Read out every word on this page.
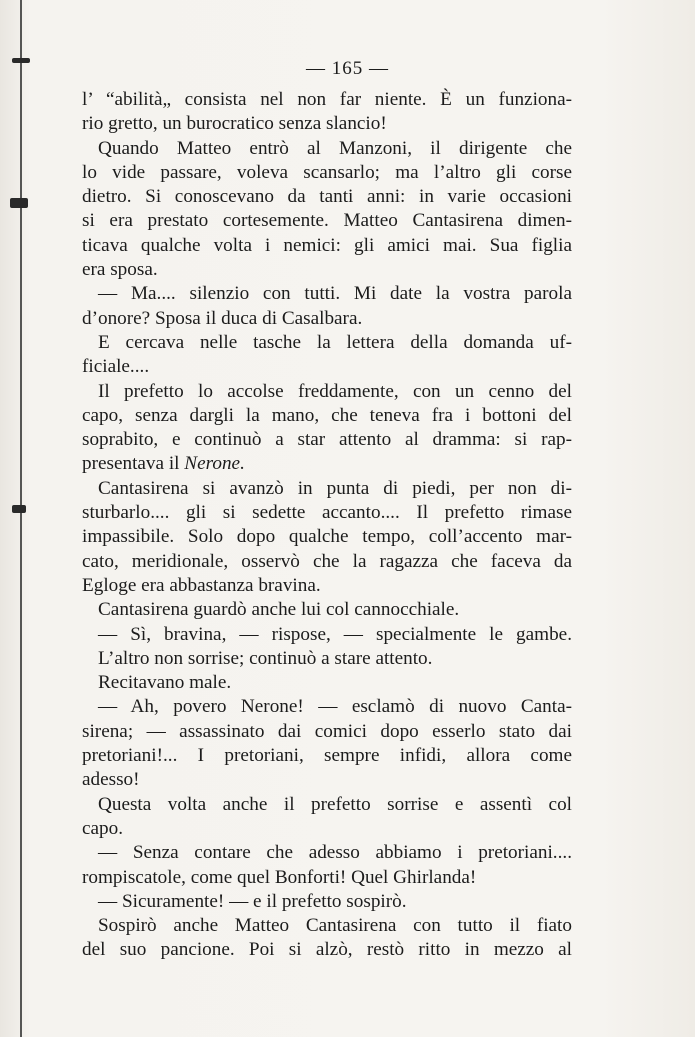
— 165 —
l’ “abilità„ consista nel non far niente. È un funziona-
rio gretto, un burocratico senza slancio!
Quando Matteo entrò al Manzoni, il dirigente che
lo vide passare, voleva scansarlo; ma l’altro gli corse
dietro. Si conoscevano da tanti anni: in varie occasioni
si era prestato cortesemente. Matteo Cantasirena dimen-
ticava qualche volta i nemici: gli amici mai. Sua figlia
era sposa.
— Ma.... silenzio con tutti. Mi date la vostra parola
d’onore? Sposa il duca di Casalbara.
E cercava nelle tasche la lettera della domanda uf-
ficiale....
Il prefetto lo accolse freddamente, con un cenno del
capo, senza dargli la mano, che teneva fra i bottoni del
soprabito, e continuò a star attento al dramma: si rap-
presentava il Nerone.
Cantasirena si avanzò in punta di piedi, per non di-
sturbarlo.... gli si sedette accanto.... Il prefetto rimase
impassibile. Solo dopo qualche tempo, coll’accento mar-
cato, meridionale, osservò che la ragazza che faceva da
Egloge era abbastanza bravina.
Cantasirena guardò anche lui col cannocchiale.
— Sì, bravina, — rispose, — specialmente le gambe.
L’altro non sorrise; continuò a stare attento.
Recitavano male.
— Ah, povero Nerone! — esclamò di nuovo Canta-
sirena; — assassinato dai comici dopo esserlo stato dai
pretoriani!... I pretoriani, sempre infidi, allora come
adesso!
Questa volta anche il prefetto sorrise e assentì col
capo.
— Senza contare che adesso abbiamo i pretoriani....
rompiscatole, come quel Bonforti! Quel Ghirlanda!
— Sicuramente! — e il prefetto sospirò.
Sospirò anche Matteo Cantasirena con tutto il fiato
del suo pancione. Poi si alzò, restò ritto in mezzo al
